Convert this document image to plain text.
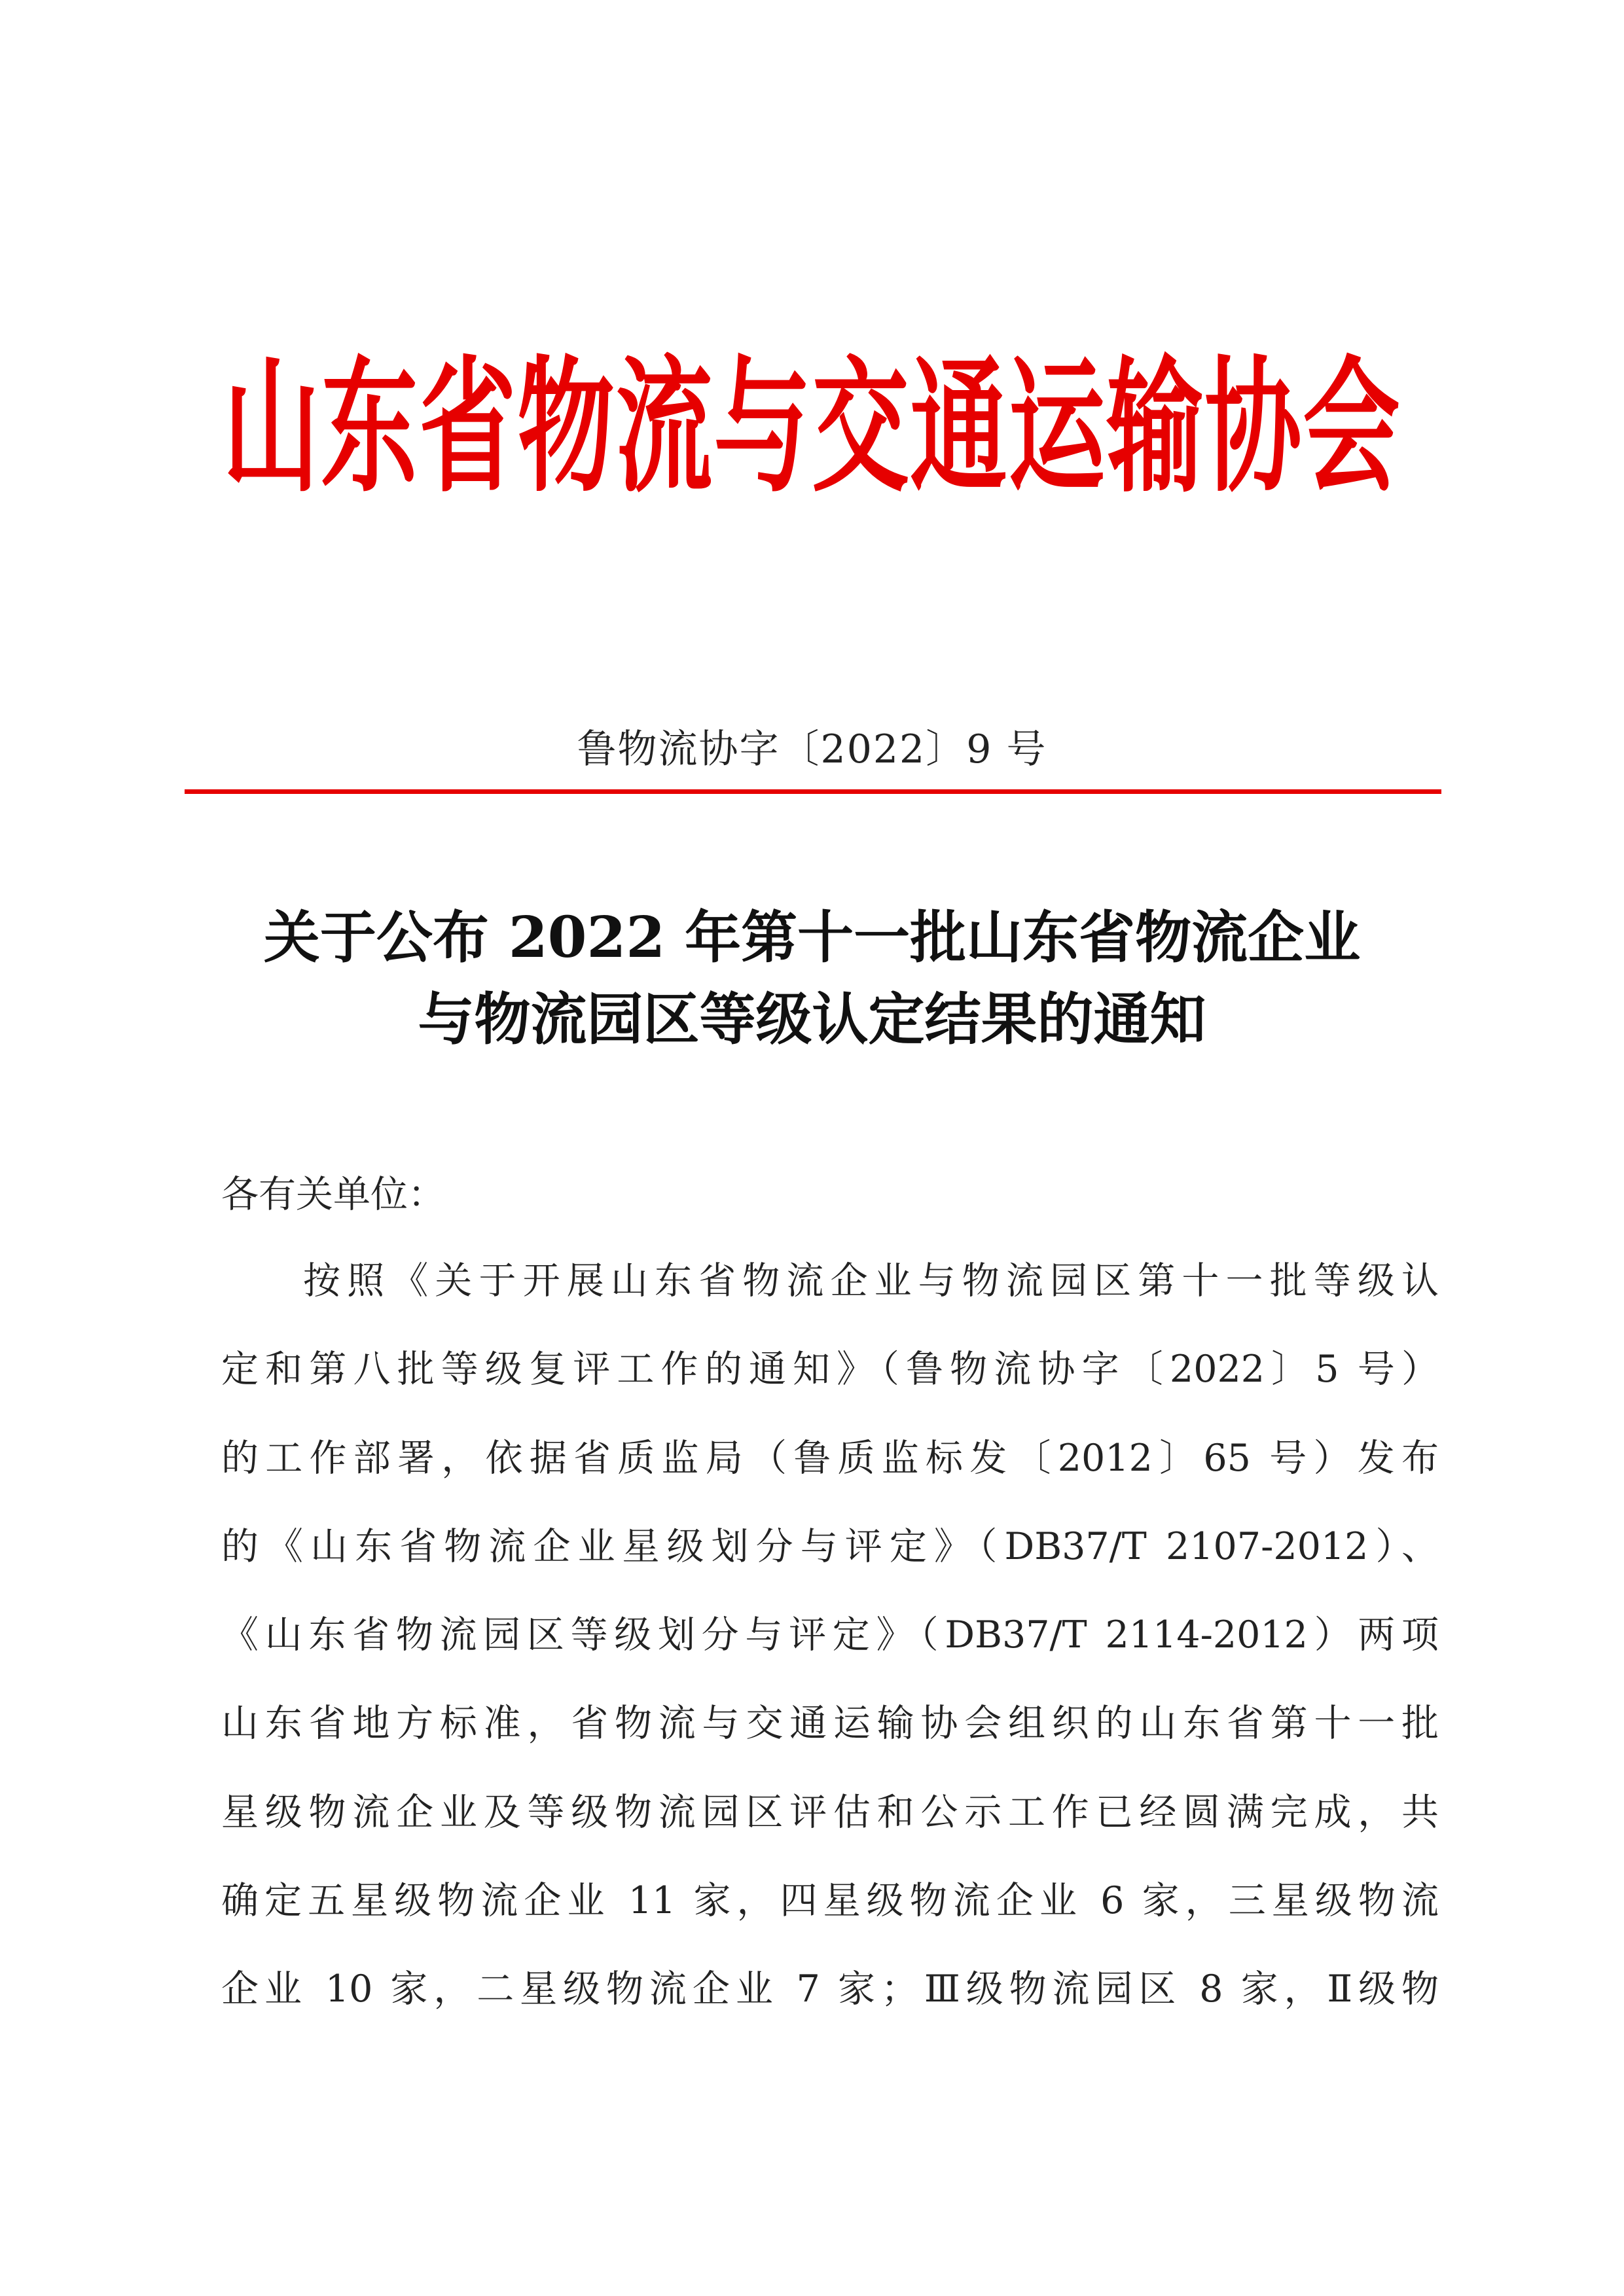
山东省物流与交通运输协会
鲁物流协字〔2022〕9 号
关于公布 2022 年第十一批山东省物流企业
与物流园区等级认定结果的通知
各有关单位：
按照《关于开展山东省物流企业与物流园区第十一批等级认
定和第八批等级复评工作的通知》（鲁物流协字〔2022〕5 号）
的工作部署，依据省质监局（鲁质监标发〔2012〕65 号）发布
的《山东省物流企业星级划分与评定》（DB37/T 2107-2012）、
《山东省物流园区等级划分与评定》（DB37/T 2114-2012）两项
山东省地方标准，省物流与交通运输协会组织的山东省第十一批
星级物流企业及等级物流园区评估和公示工作已经圆满完成，共
确定五星级物流企业 11 家，四星级物流企业 6 家，三星级物流
企业 10 家，二星级物流企业 7 家；Ⅲ级物流园区 8 家，Ⅱ级物
